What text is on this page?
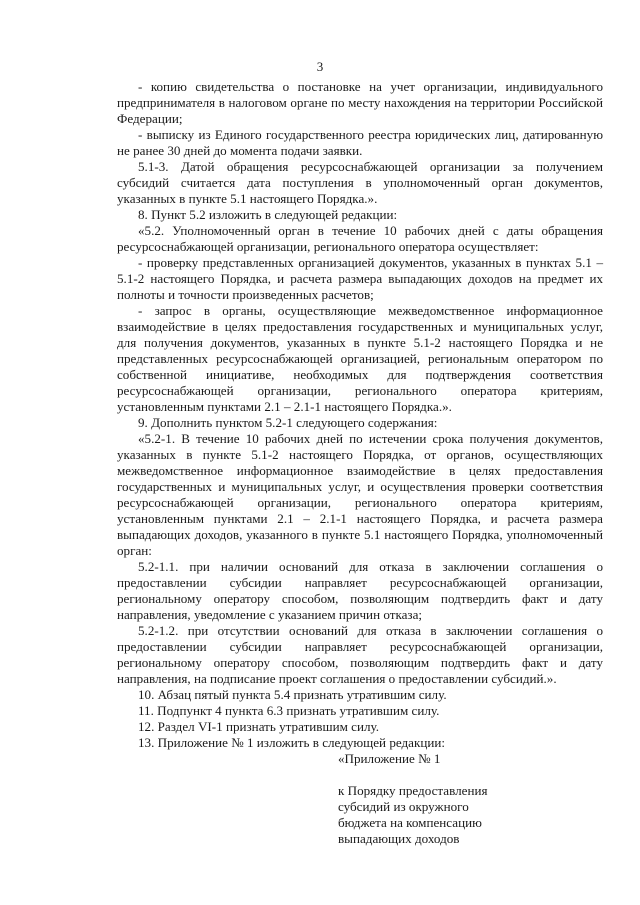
3

- копию свидетельства о постановке на учет организации, индивидуального предпринимателя в налоговом органе по месту нахождения на территории Российской Федерации;

- выписку из Единого государственного реестра юридических лиц, датированную не ранее 30 дней до момента подачи заявки.

5.1-3. Датой обращения ресурсоснабжающей организации за получением субсидий считается дата поступления в уполномоченный орган документов, указанных в пункте 5.1 настоящего Порядка.».

8. Пункт 5.2 изложить в следующей редакции:

«5.2. Уполномоченный орган в течение 10 рабочих дней с даты обращения ресурсоснабжающей организации, регионального оператора осуществляет:

- проверку представленных организацией документов, указанных в пунктах 5.1 – 5.1-2 настоящего Порядка, и расчета размера выпадающих доходов на предмет их полноты и точности произведенных расчетов;

- запрос в органы, осуществляющие межведомственное информационное взаимодействие в целях предоставления государственных и муниципальных услуг, для получения документов, указанных в пункте 5.1-2 настоящего Порядка и не представленных ресурсоснабжающей организацией, региональным оператором по собственной инициативе, необходимых для подтверждения соответствия ресурсоснабжающей организации, регионального оператора критериям, установленным пунктами 2.1 – 2.1-1 настоящего Порядка.».

9. Дополнить пунктом 5.2-1 следующего содержания:

«5.2-1. В течение 10 рабочих дней по истечении срока получения документов, указанных в пункте 5.1-2 настоящего Порядка, от органов, осуществляющих межведомственное информационное взаимодействие в целях предоставления государственных и муниципальных услуг, и осуществления проверки соответствия ресурсоснабжающей организации, регионального оператора критериям, установленным пунктами 2.1 – 2.1-1 настоящего Порядка, и расчета размера выпадающих доходов, указанного в пункте 5.1 настоящего Порядка, уполномоченный орган:

5.2-1.1. при наличии оснований для отказа в заключении соглашения о предоставлении субсидии направляет ресурсоснабжающей организации, региональному оператору способом, позволяющим подтвердить факт и дату направления, уведомление с указанием причин отказа;

5.2-1.2. при отсутствии оснований для отказа в заключении соглашения о предоставлении субсидии направляет ресурсоснабжающей организации, региональному оператору способом, позволяющим подтвердить факт и дату направления, на подписание проект соглашения о предоставлении субсидий.».

10. Абзац пятый пункта 5.4 признать утратившим силу.

11. Подпункт 4 пункта 6.3 признать утратившим силу.

12. Раздел VI-1 признать утратившим силу.

13. Приложение № 1 изложить в следующей редакции:

«Приложение № 1

к Порядку предоставления

субсидий из окружного

бюджета на компенсацию

выпадающих доходов
